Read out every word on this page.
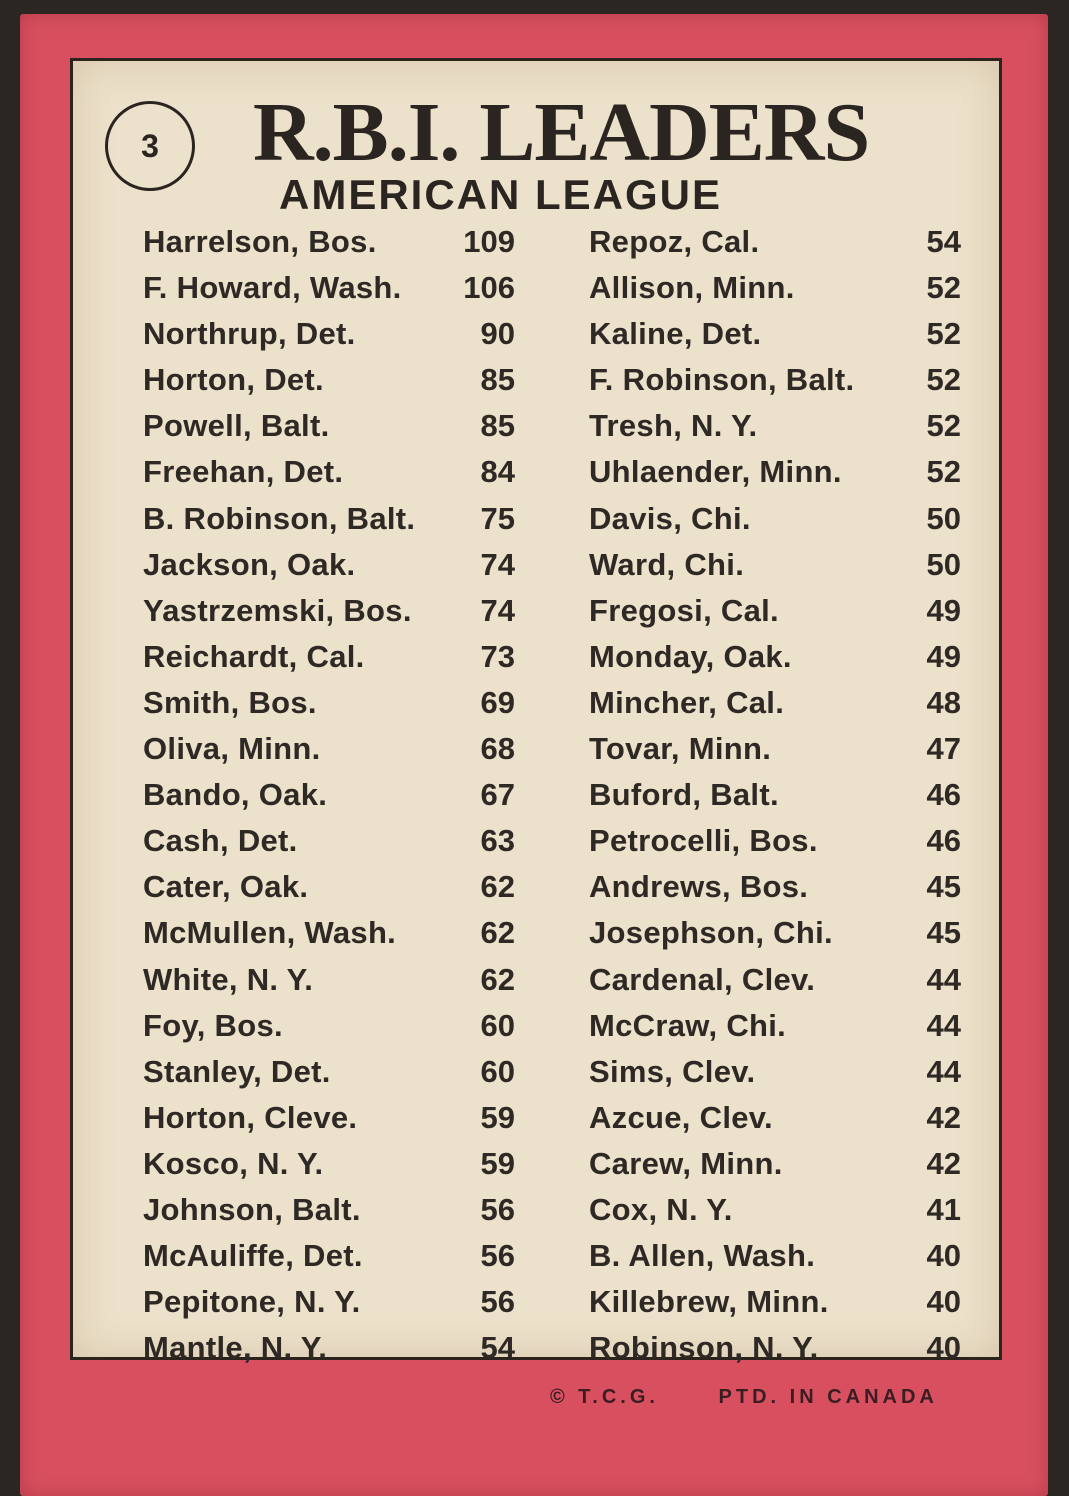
3 R.B.I. LEADERS
AMERICAN LEAGUE
Harrelson, Bos.	109
F. Howard, Wash. 106
Northrup, Det.	90
Horton, Det.	85
Powell, Balt.	85
Freehan, Det.	84
B. Robinson, Balt.	75
Jackson, Oak.	74
Yastrzemski, Bos.	74
Reichardt, Cal.	73
Smith, Bos.	69
Oliva, Minn.	68
Bando, Oak.	67
Cash, Det.	63
Cater, Oak.	62
McMullen, Wash.	62
White, N. Y.	62
Foy, Bos.	60
Stanley, Det.	60
Horton, Cleve.	59
Kosco, N. Y.	59
Johnson, Balt.	56
McAuliffe, Det.	56
Pepitone, N. Y.	56
Mantle, N. Y.	54
Repoz, Cal.	54
Allison, Minn.	52
Kaline, Det.	52
F. Robinson, Balt.	52
Tresh, N. Y.	52
Uhlaender, Minn.	52
Davis, Chi.	50
Ward, Chi.	50
Fregosi, Cal.	49
Monday, Oak.	49
Mincher, Cal.	48
Tovar, Minn.	47
Buford, Balt.	46
Petrocelli, Bos.	46
Andrews, Bos.	45
Josephson, Chi.	45
Cardenal, Clev.	44
McCraw, Chi.	44
Sims, Clev.	44
Azcue, Clev.	42
Carew, Minn.	42
Cox, N. Y.	41
B. Allen, Wash.	40
Killebrew, Minn.	40
Robinson, N. Y.	40
© T.C.G.	PTD. IN CANADA
